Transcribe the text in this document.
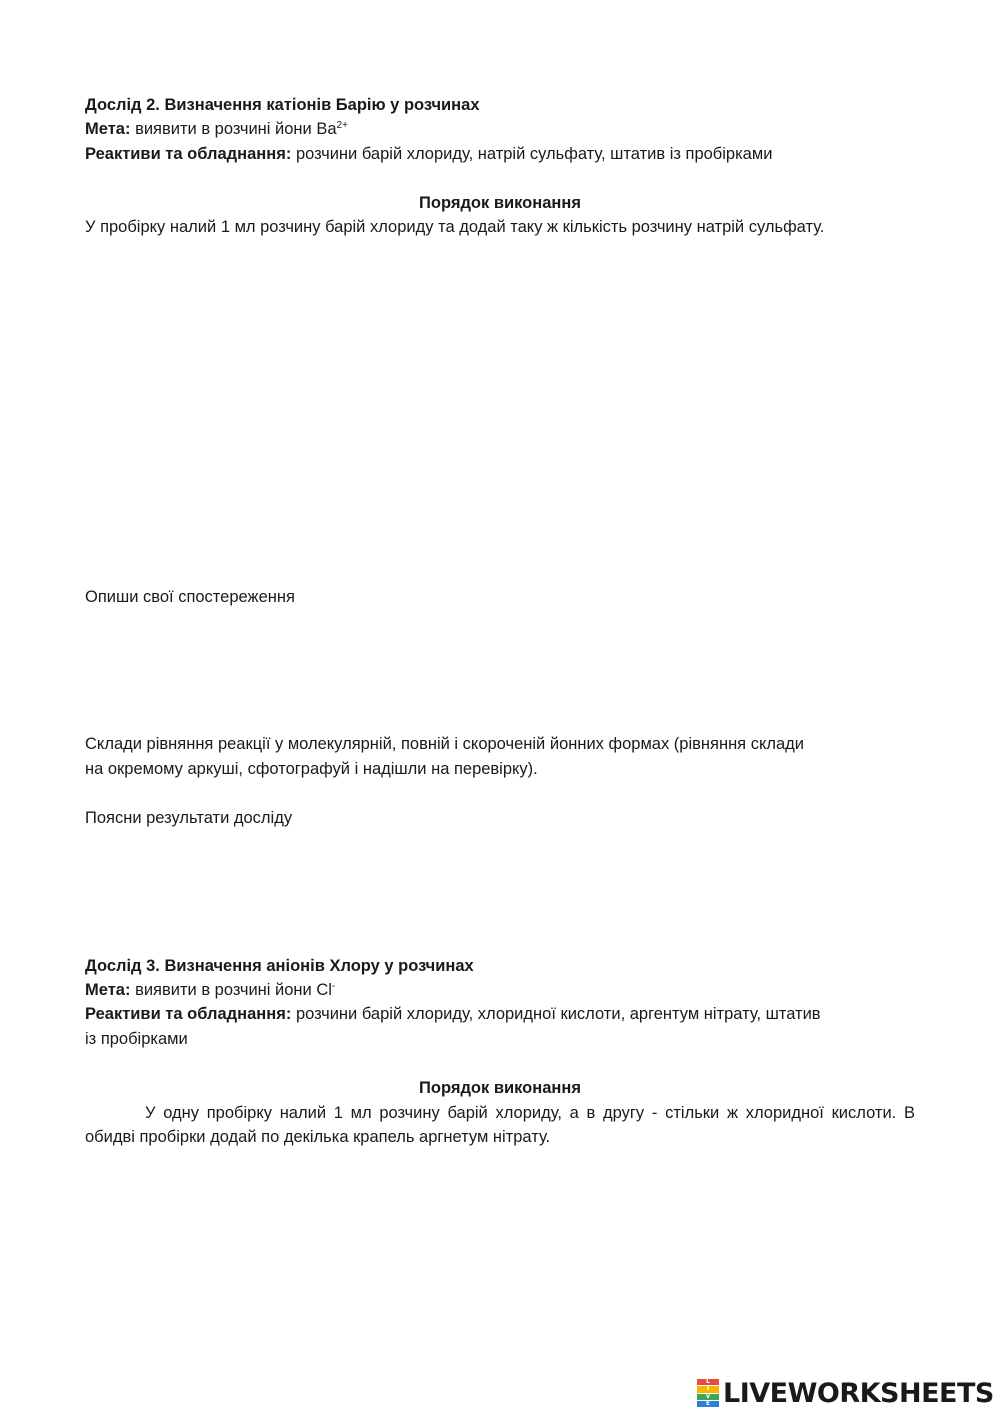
Дослід 2. Визначення катіонів Барію у розчинах
Мета: виявити в розчині йони $Ba^{2+}$
Реактиви та обладнання: розчини барій хлориду, натрій сульфату, штатив із пробірками
Порядок виконання
У пробірку налий 1 мл розчину барій хлориду та додай таку ж кількість розчину натрій сульфату.
Опиши свої спостереження
Склади рівняння реакції у молекулярній, повній і скороченій йонних формах (рівняння склади
на окремому аркуші, сфотографуй і надішли на перевірку).
Поясни результати досліду
Дослід 3. Визначення аніонів Хлору у розчинах
Мета: виявити в розчині йони Cl-
Реактиви та обладнання: розчини барій хлориду, хлоридної кислоти, аргентум нітрату, штатив
із пробірками
Порядок виконання
У одну пробірку налий 1 мл розчину барій хлориду, а в другу - стільки ж хлоридної кислоти. В обидві пробірки додай по декілька крапель аргнетум нітрату.
L
I
V
E LIVEWORKSHEETS
